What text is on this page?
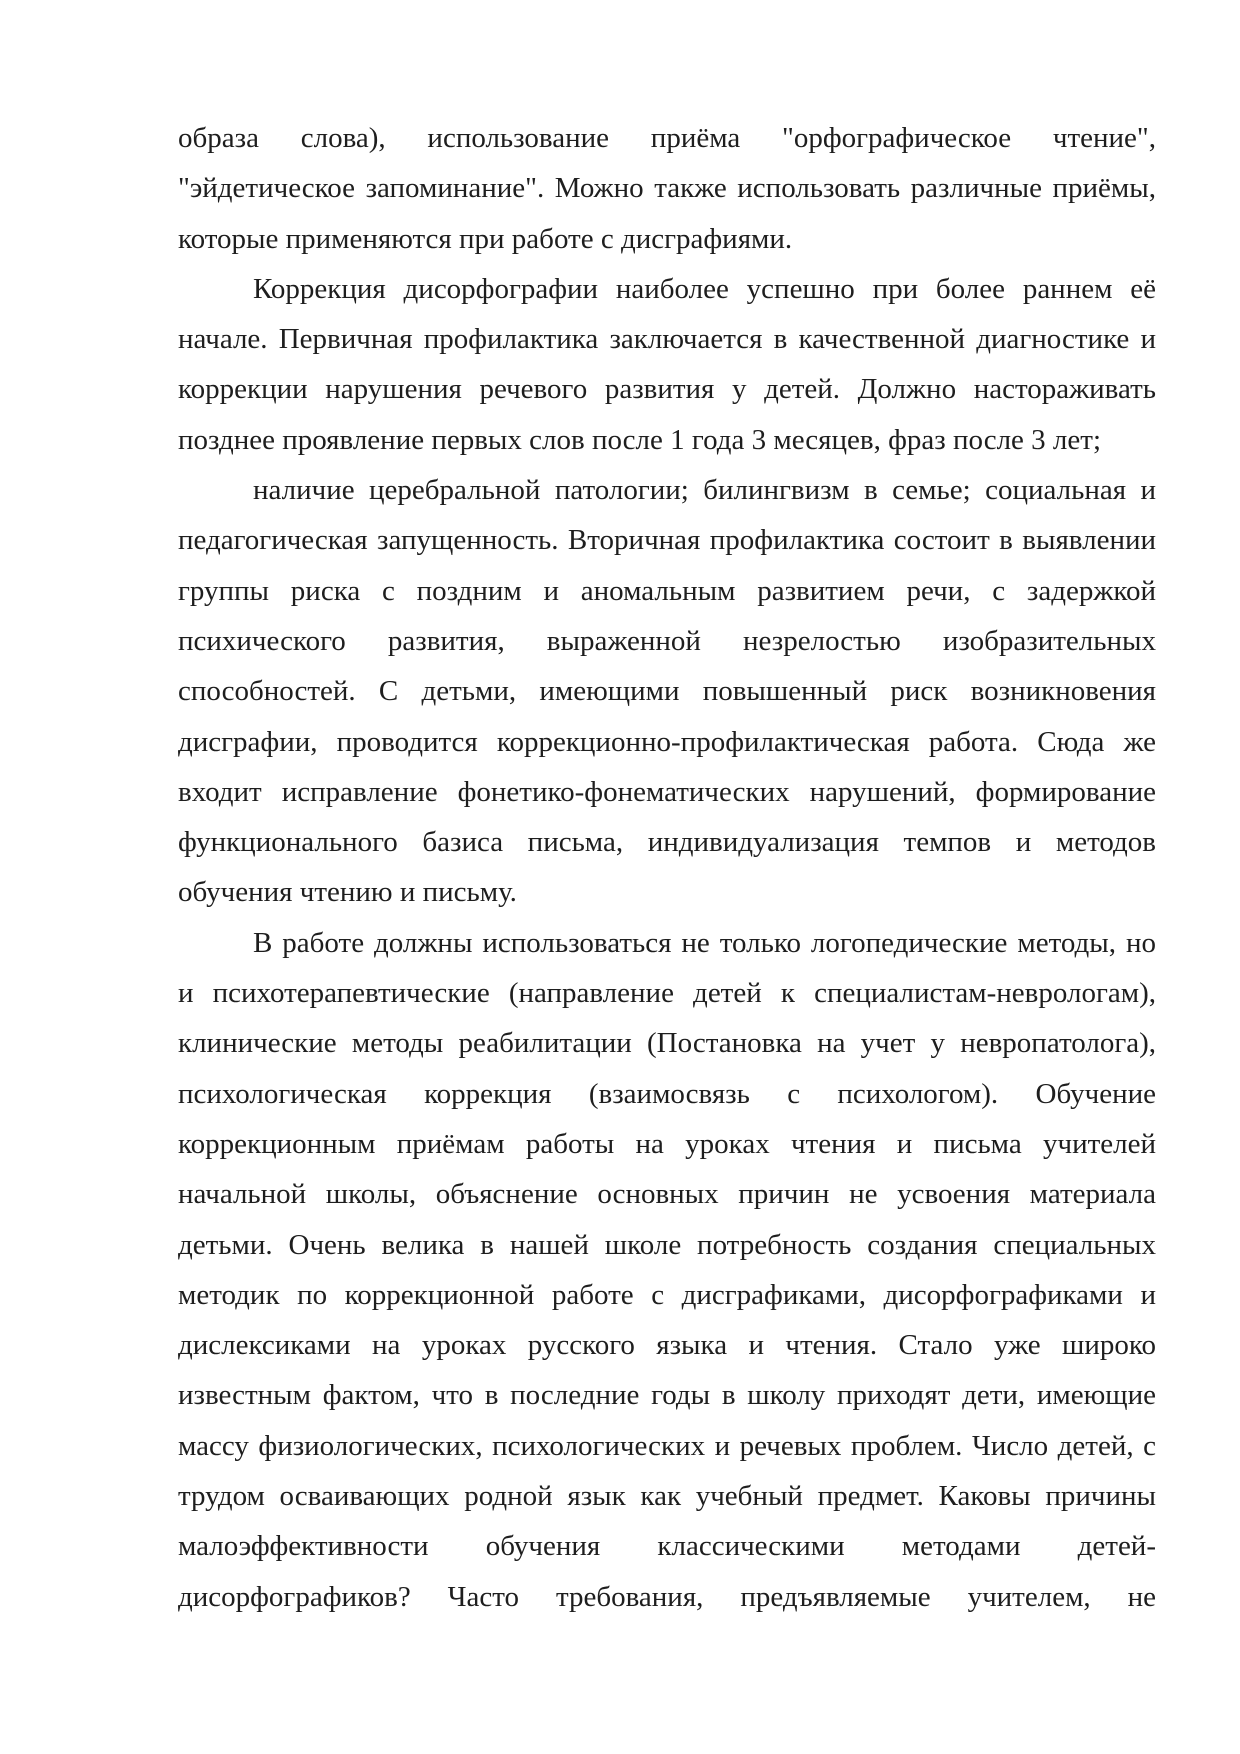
образа слова), использование приёма "орфографическое чтение",
"эйдетическое запоминание". Можно также использовать различные приёмы,
которые применяются при работе с дисграфиями.
Коррекция дисорфографии наиболее успешно при более раннем её
начале. Первичная профилактика заключается в качественной диагностике и
коррекции нарушения речевого развития у детей. Должно настораживать
позднее проявление первых слов после 1 года 3 месяцев, фраз после 3 лет;
наличие церебральной патологии; билингвизм в семье; социальная и
педагогическая запущенность. Вторичная профилактика состоит в выявлении
группы риска с поздним и аномальным развитием речи, с задержкой
психического развития, выраженной незрелостью изобразительных
способностей. С детьми, имеющими повышенный риск возникновения
дисграфии, проводится коррекционно-профилактическая работа. Сюда же
входит исправление фонетико-фонематических нарушений, формирование
функционального базиса письма, индивидуализация темпов и методов
обучения чтению и письму.
В работе должны использоваться не только логопедические методы, но
и психотерапевтические (направление детей к специалистам-неврологам),
клинические методы реабилитации (Постановка на учет у невропатолога),
психологическая коррекция (взаимосвязь с психологом). Обучение
коррекционным приёмам работы на уроках чтения и письма учителей
начальной школы, объяснение основных причин не усвоения материала
детьми. Очень велика в нашей школе потребность создания специальных
методик по коррекционной работе с дисграфиками, дисорфографиками и
дислексиками на уроках русского языка и чтения. Стало уже широко
известным фактом, что в последние годы в школу приходят дети, имеющие
массу физиологических, психологических и речевых проблем. Число детей, с
трудом осваивающих родной язык как учебный предмет. Каковы причины
малоэффективности обучения классическими методами детей-
дисорфографиков? Часто требования, предъявляемые учителем, не
